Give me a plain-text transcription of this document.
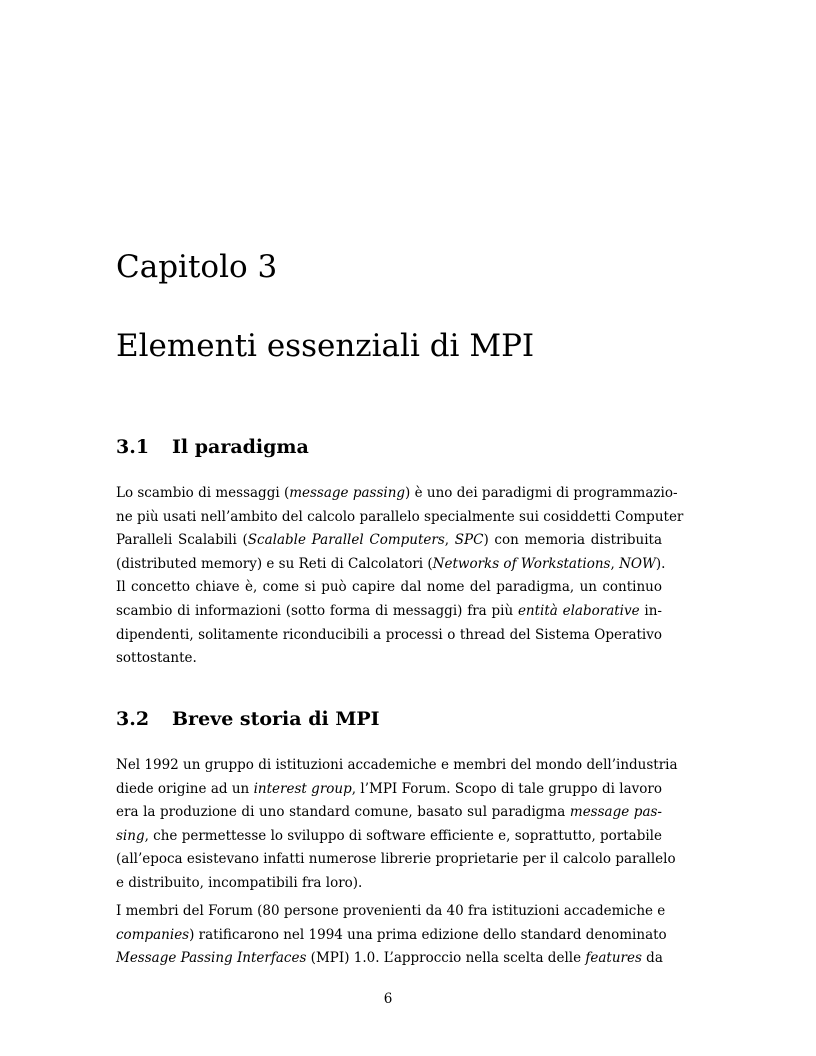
Capitolo 3
Elementi essenziali di MPI
3.1 Il paradigma
Lo scambio di messaggi (message passing) è uno dei paradigmi di programmazio-
ne più usati nell’ambito del calcolo parallelo specialmente sui cosiddetti Computer
Paralleli Scalabili (Scalable Parallel Computers, SPC) con memoria distribuita
(distributed memory) e su Reti di Calcolatori (Networks of Workstations, NOW).
Il concetto chiave è, come si può capire dal nome del paradigma, un continuo
scambio di informazioni (sotto forma di messaggi) fra più entità elaborative in-
dipendenti, solitamente riconducibili a processi o thread del Sistema Operativo
sottostante.
3.2 Breve storia di MPI
Nel 1992 un gruppo di istituzioni accademiche e membri del mondo dell’industria
diede origine ad un interest group, l’MPI Forum. Scopo di tale gruppo di lavoro
era la produzione di uno standard comune, basato sul paradigma message pas-
sing, che permettesse lo sviluppo di software efficiente e, soprattutto, portabile
(all’epoca esistevano infatti numerose librerie proprietarie per il calcolo parallelo
e distribuito, incompatibili fra loro).
I membri del Forum (80 persone provenienti da 40 fra istituzioni accademiche e
companies) ratificarono nel 1994 una prima edizione dello standard denominato
Message Passing Interfaces (MPI) 1.0. L’approccio nella scelta delle features da
6
